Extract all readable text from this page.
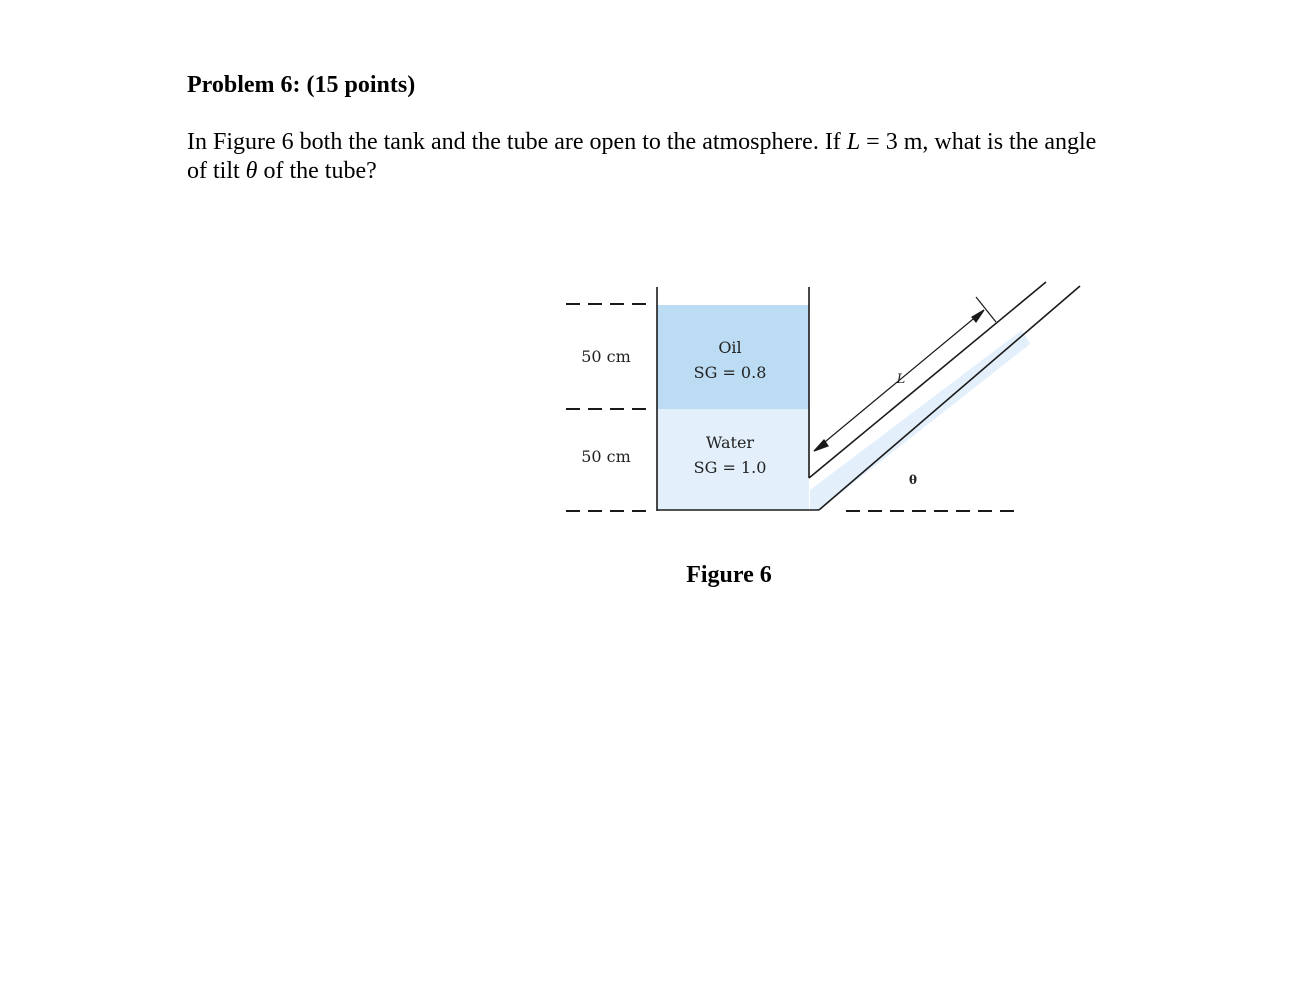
Problem 6: (15 points)

In Figure 6 both the tank and the tube are open to the atmosphere. If L = 3 m, what is the angle of tilt θ of the tube?

Oil
SG = 0.8
Water
SG = 1.0
50 cm
50 cm
L
θ

Figure 6
